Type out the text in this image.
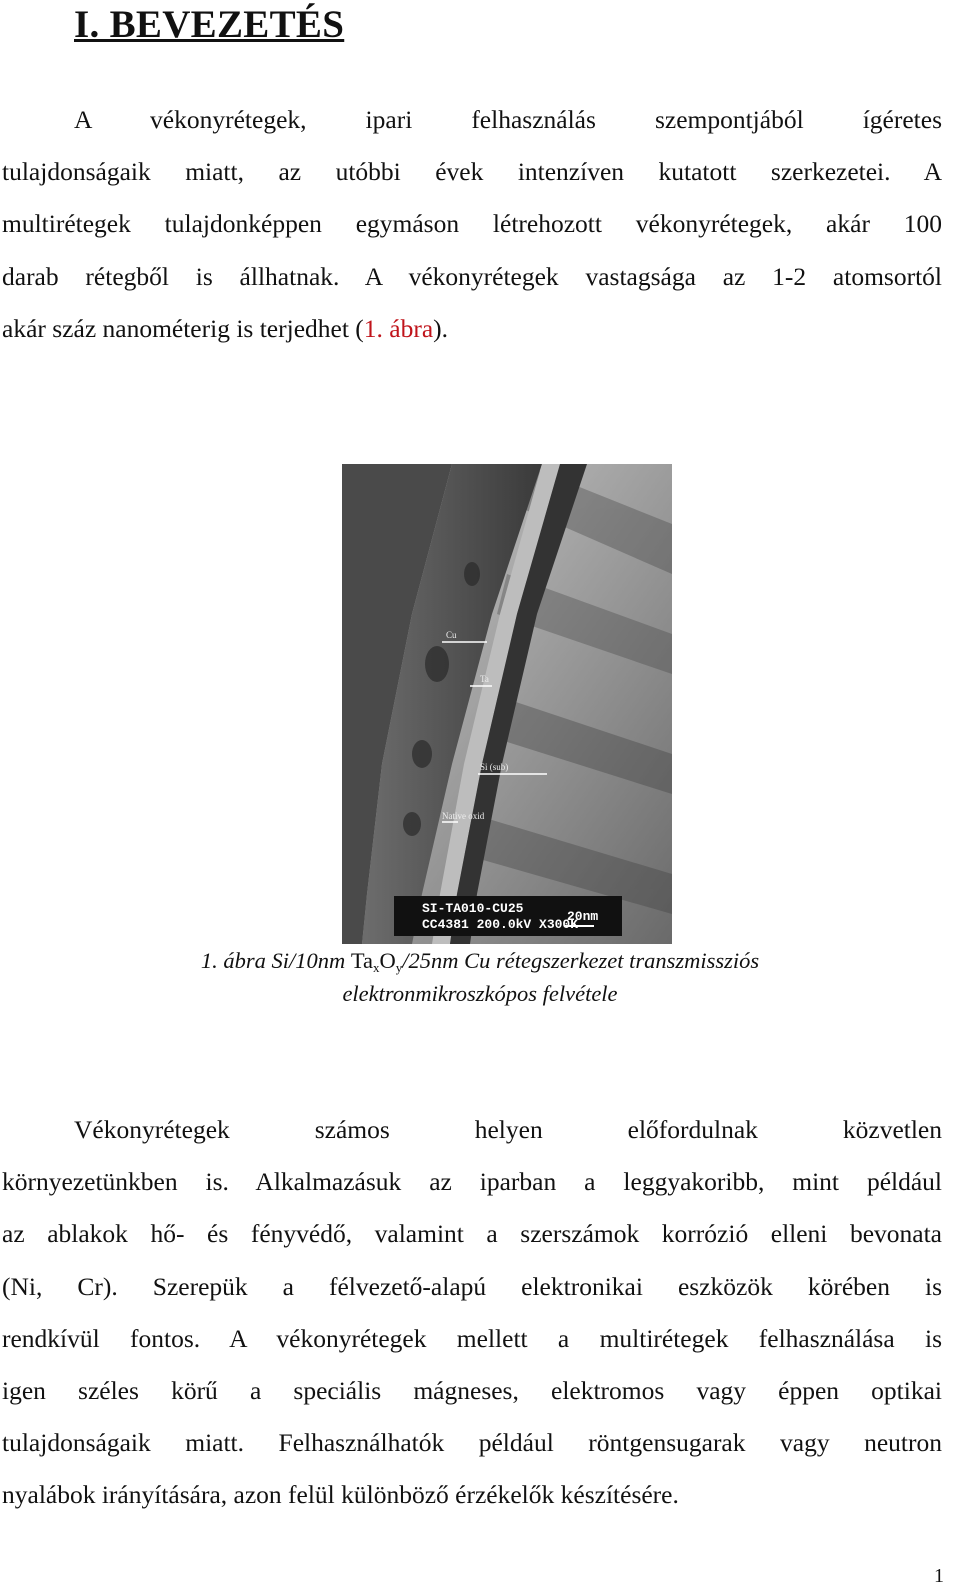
I. BEVEZETÉS
A vékonyrétegek, ipari felhasználás szempontjából ígéretes
tulajdonságaik miatt, az utóbbi évek intenzíven kutatott szerkezetei. A
multirétegek tulajdonképpen egymáson létrehozott vékonyrétegek, akár 100
darab rétegből is állhatnak. A vékonyrétegek vastagsága az 1-2 atomsortól
akár száz nanométerig is terjedhet (1. ábra).
Cu
Ta
Si (sub)
Native oxid
SI-TA010-CU25
CC4381 200.0kV X300K
20nm
1. ábra Si/10nm $Ta_xO_y/25nm$ Cu rétegszerkezet transzmissziós
elektronmikroszkópos felvétele
Vékonyrétegek számos helyen előfordulnak közvetlen
környezetünkben is. Alkalmazásuk az iparban a leggyakoribb, mint például
az ablakok hő- és fényvédő, valamint a szerszámok korrózió elleni bevonata
(Ni, Cr). Szerepük a félvezető-alapú elektronikai eszközök körében is
rendkívül fontos. A vékonyrétegek mellett a multirétegek felhasználása is
igen széles körű a speciális mágneses, elektromos vagy éppen optikai
tulajdonságaik miatt. Felhasználhatók például röntgensugarak vagy neutron
nyalábok irányítására, azon felül különböző érzékelők készítésére.
1
